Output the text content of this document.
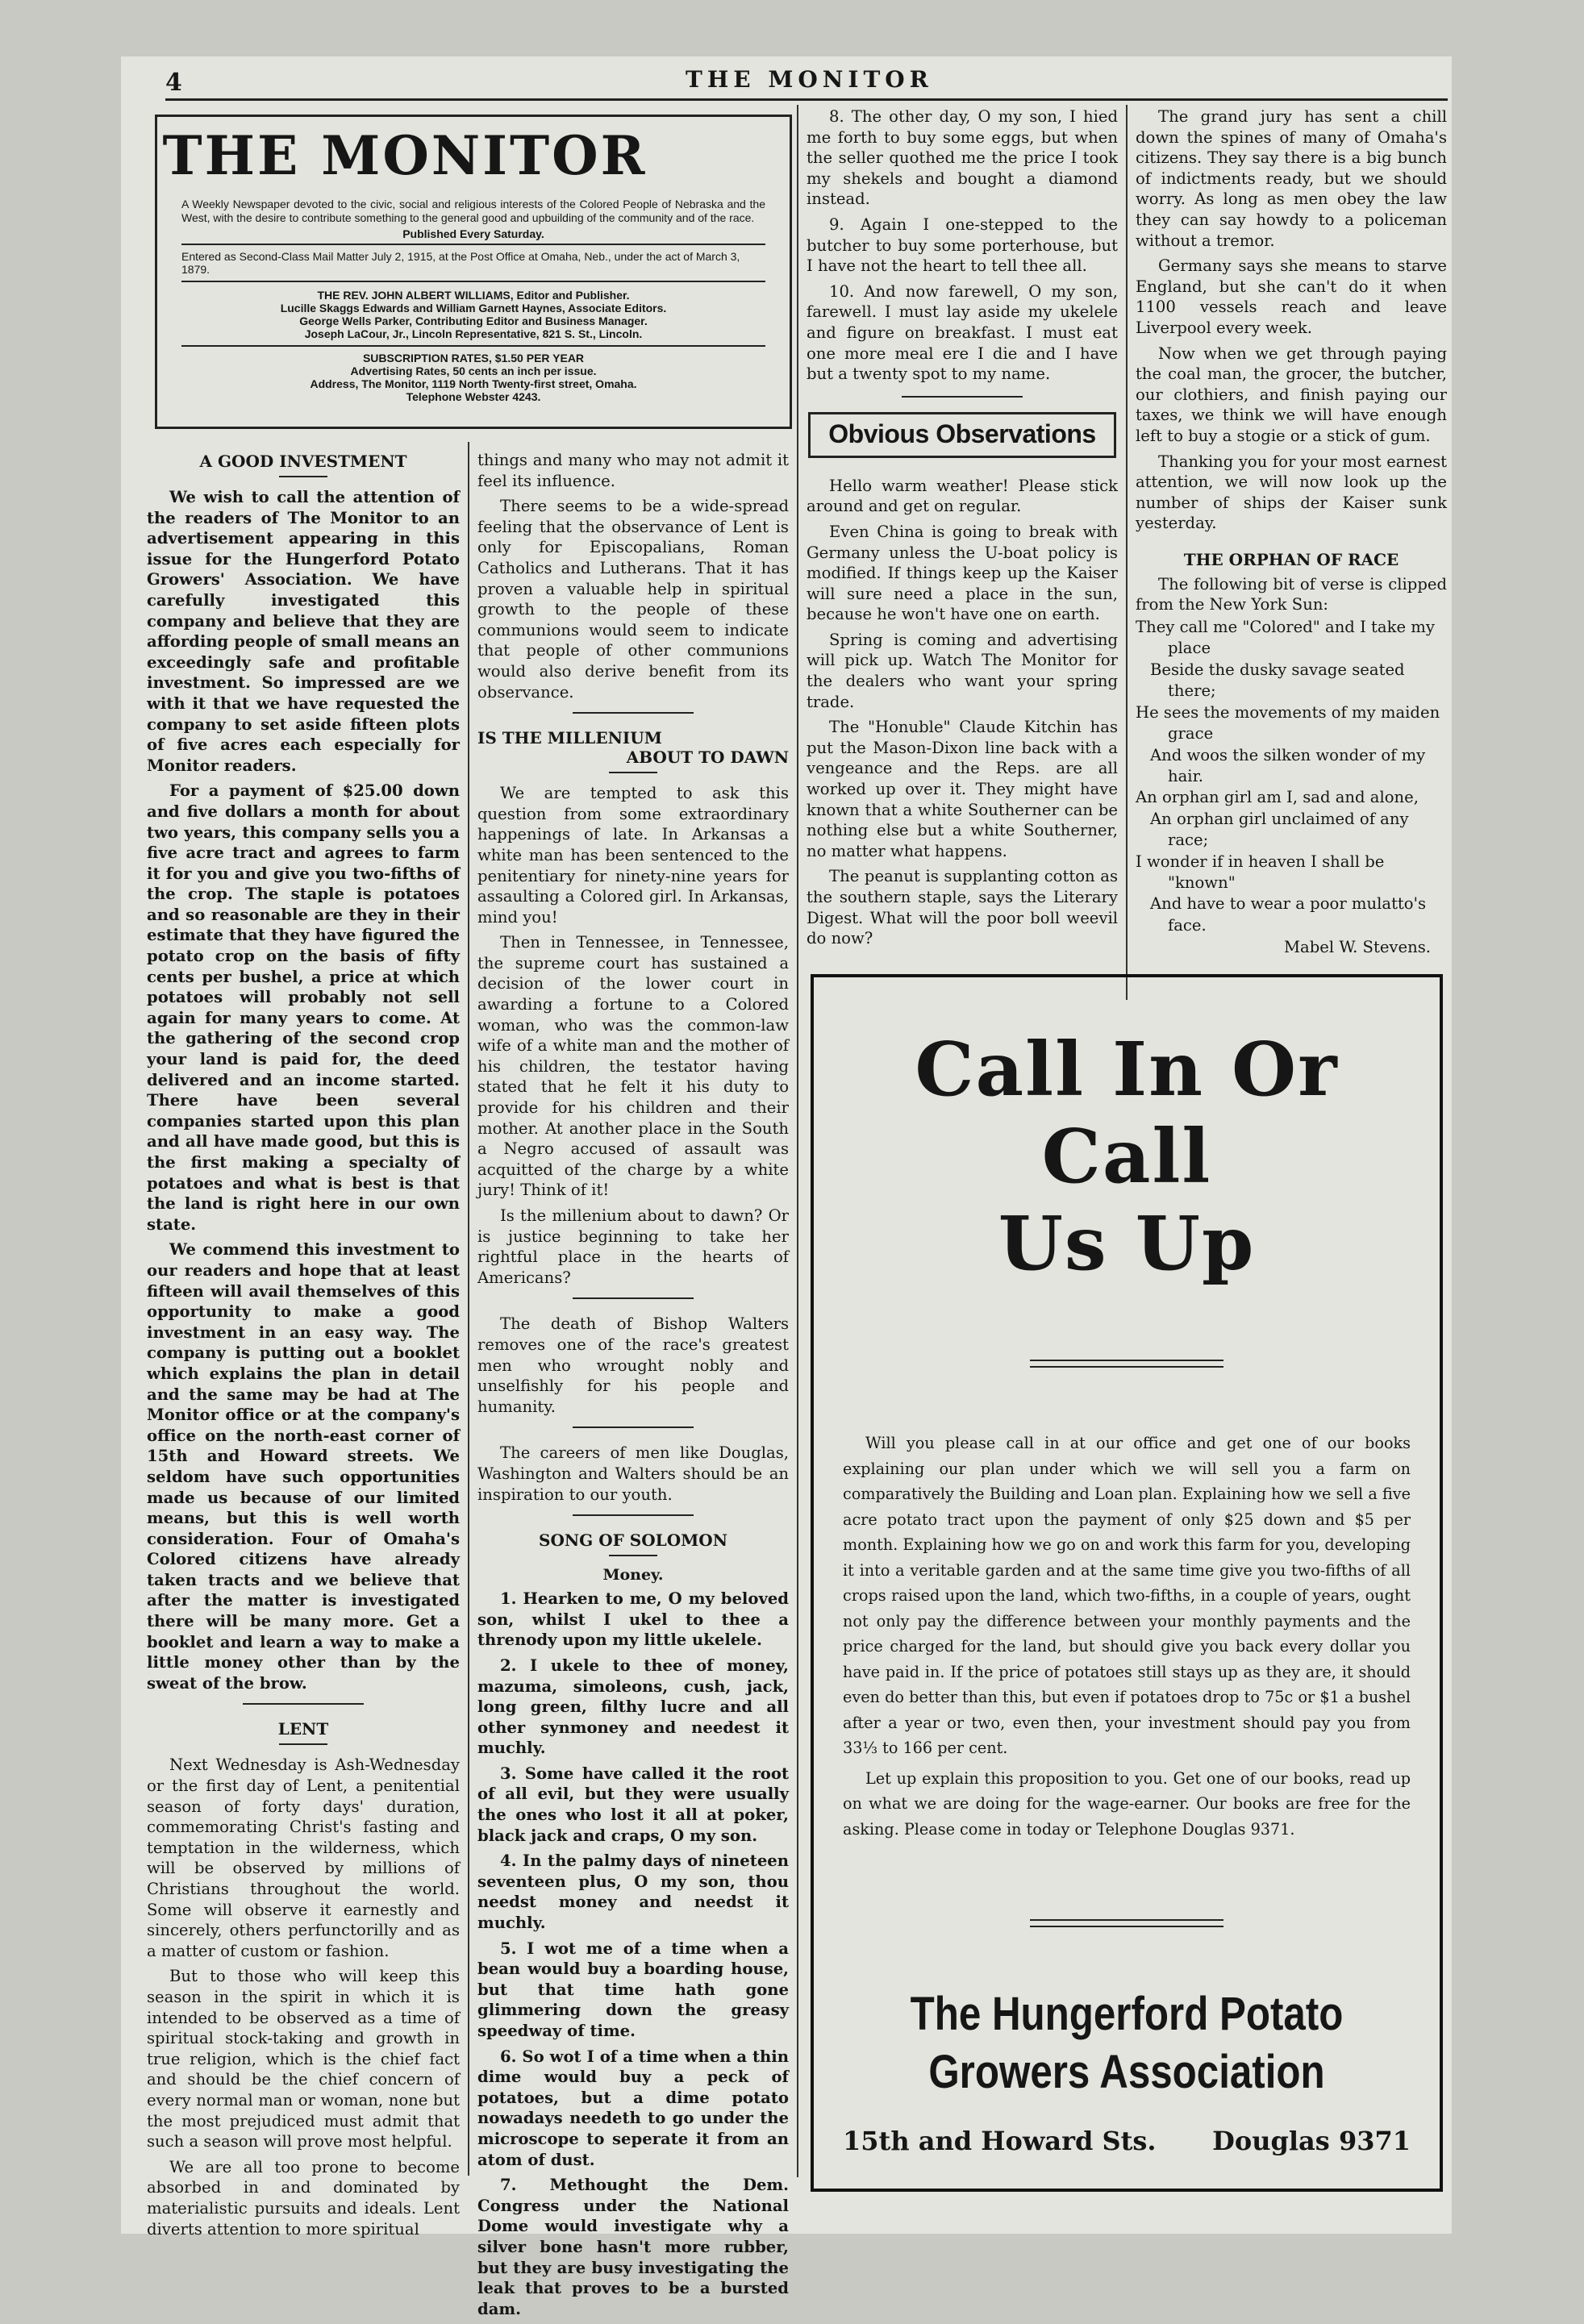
4	THE MONITOR
THE MONITOR
A Weekly Newspaper devoted to the civic, social and religious interests of the Colored People of Nebraska and the West, with the desire to contribute something to the general good and upbuilding of the community and of the race.
Published Every Saturday.
Entered as Second-Class Mail Matter July 2, 1915, at the Post Office at Omaha, Neb., under the act of March 3, 1879.
THE REV. JOHN ALBERT WILLIAMS, Editor and Publisher.
Lucille Skaggs Edwards and William Garnett Haynes, Associate Editors.
George Wells Parker, Contributing Editor and Business Manager.
Joseph LaCour, Jr., Lincoln Representative, 821 S. St., Lincoln.
SUBSCRIPTION RATES, $1.50 PER YEAR
Advertising Rates, 50 cents an inch per issue.
Address, The Monitor, 1119 North Twenty-first street, Omaha.
Telephone Webster 4243.
A GOOD INVESTMENT

We wish to call the attention of the readers of The Monitor to an advertisement appearing in this issue for the Hungerford Potato Growers' Association. We have carefully investigated this company and believe that they are affording people of small means an exceedingly safe and profitable investment. So impressed are we with it that we have requested the company to set aside fifteen plots of five acres each especially for Monitor readers.

For a payment of $25.00 down and five dollars a month for about two years, this company sells you a five acre tract and agrees to farm it for you and give you two-fifths of the crop. The staple is potatoes and so reasonable are they in their estimate that they have figured the potato crop on the basis of fifty cents per bushel, a price at which potatoes will probably not sell again for many years to come. At the gathering of the second crop your land is paid for, the deed delivered and an income started. There have been several companies started upon this plan and all have made good, but this is the first making a specialty of potatoes and what is best is that the land is right here in our own state.

We commend this investment to our readers and hope that at least fifteen will avail themselves of this opportunity to make a good investment in an easy way. The company is putting out a booklet which explains the plan in detail and the same may be had at The Monitor office or at the company's office on the north-east corner of 15th and Howard streets. We seldom have such opportunities made us because of our limited means, but this is well worth consideration. Four of Omaha's Colored citizens have already taken tracts and we believe that after the matter is investigated there will be many more. Get a booklet and learn a way to make a little money other than by the sweat of the brow.

LENT

Next Wednesday is Ash-Wednesday or the first day of Lent, a penitential season of forty days' duration, commemorating Christ's fasting and temptation in the wilderness, which will be observed by millions of Christians throughout the world. Some will observe it earnestly and sincerely, others perfunctorilly and as a matter of custom or fashion.

But to those who will keep this season in the spirit in which it is intended to be observed as a time of spiritual stock-taking and growth in true religion, which is the chief fact and should be the chief concern of every normal man or woman, none but the most prejudiced must admit that such a season will prove most helpful.

We are all too prone to become absorbed in and dominated by materialistic pursuits and ideals. Lent diverts attention to more spiritual

things and many who may not admit it feel its influence.

There seems to be a wide-spread feeling that the observance of Lent is only for Episcopalians, Roman Catholics and Lutherans. That it has proven a valuable help in spiritual growth to the people of these communions would seem to indicate that people of other communions would also derive benefit from its observance.

IS THE MILLENIUM
ABOUT TO DAWN

We are tempted to ask this question from some extraordinary happenings of late. In Arkansas a white man has been sentenced to the penitentiary for ninety-nine years for assaulting a Colored girl. In Arkansas, mind you!

Then in Tennessee, in Tennessee, the supreme court has sustained a decision of the lower court in awarding a fortune to a Colored woman, who was the common-law wife of a white man and the mother of his children, the testator having stated that he felt it his duty to provide for his children and their mother. At another place in the South a Negro accused of assault was acquitted of the charge by a white jury! Think of it!

Is the millenium about to dawn? Or is justice beginning to take her rightful place in the hearts of Americans?

The death of Bishop Walters removes one of the race's greatest men who wrought nobly and unselfishly for his people and humanity.

The careers of men like Douglas, Washington and Walters should be an inspiration to our youth.

SONG OF SOLOMON
Money.

1. Hearken to me, O my beloved son, whilst I ukel to thee a threnody upon my little ukelele.

2. I ukele to thee of money, mazuma, simoleons, cush, jack, long green, filthy lucre and all other synmoney and needest it muchly.

3. Some have called it the root of all evil, but they were usually the ones who lost it all at poker, black jack and craps, O my son.

4. In the palmy days of nineteen seventeen plus, O my son, thou needst money and needst it muchly.

5. I wot me of a time when a bean would buy a boarding house, but that time hath gone glimmering down the greasy speedway of time.

6. So wot I of a time when a thin dime would buy a peck of potatoes, but a dime potato nowadays needeth to go under the microscope to seperate it from an atom of dust.

7. Methought the Dem. Congress under the National Dome would investigate why a silver bone hasn't more rubber, but they are busy investigating the leak that proves to be a bursted dam.

8. The other day, O my son, I hied me forth to buy some eggs, but when the seller quothed me the price I took my shekels and bought a diamond instead.

9. Again I one-stepped to the butcher to buy some porterhouse, but I have not the heart to tell thee all.

10. And now farewell, O my son, farewell. I must lay aside my ukelele and figure on breakfast. I must eat one more meal ere I die and I have but a twenty spot to my name.

Obvious Observations

Hello warm weather! Please stick around and get on regular.

Even China is going to break with Germany unless the U-boat policy is modified. If things keep up the Kaiser will sure need a place in the sun, because he won't have one on earth.

Spring is coming and advertising will pick up. Watch The Monitor for the dealers who want your spring trade.

The "Honuble" Claude Kitchin has put the Mason-Dixon line back with a vengeance and the Reps. are all worked up over it. They might have known that a white Southerner can be nothing else but a white Southerner, no matter what happens.

The peanut is supplanting cotton as the southern staple, says the Literary Digest. What will the poor boll weevil do now?

The grand jury has sent a chill down the spines of many of Omaha's citizens. They say there is a big bunch of indictments ready, but we should worry. As long as men obey the law they can say howdy to a policeman without a tremor.

Germany says she means to starve England, but she can't do it when 1100 vessels reach and leave Liverpool every week.

Now when we get through paying the coal man, the grocer, the butcher, our clothiers, and finish paying our taxes, we think we will have enough left to buy a stogie or a stick of gum.

Thanking you for your most earnest attention, we will now look up the number of ships der Kaiser sunk yesterday.

THE ORPHAN OF RACE

The following bit of verse is clipped from the New York Sun:

They call me "Colored" and I take my
place
Beside the dusky savage seated
there;
He sees the movements of my maiden
grace
And woos the silken wonder of my
hair.
An orphan girl am I, sad and alone,
An orphan girl unclaimed of any
race;
I wonder if in heaven I shall be
"known"
And have to wear a poor mulatto's
face.
Mabel W. Stevens.
Call In Or Call
Us Up

Will you please call in at our office and get one of our books explaining our plan under which we will sell you a farm on comparatively the Building and Loan plan. Explaining how we sell a five acre potato tract upon the payment of only $25 down and $5 per month. Explaining how we go on and work this farm for you, developing it into a veritable garden and at the same time give you two-fifths of all crops raised upon the land, which two-fifths, in a couple of years, ought not only pay the difference between your monthly payments and the price charged for the land, but should give you back every dollar you have paid in. If the price of potatoes still stays up as they are, it should even do better than this, but even if potatoes drop to 75c or $1 a bushel after a year or two, even then, your investment should pay you from 33⅓ to 166 per cent.

Let up explain this proposition to you. Get one of our books, read up on what we are doing for the wage-earner. Our books are free for the asking. Please come in today or Telephone Douglas 9371.

The Hungerford Potato
Growers Association
15th and Howard Sts. Douglas 9371
